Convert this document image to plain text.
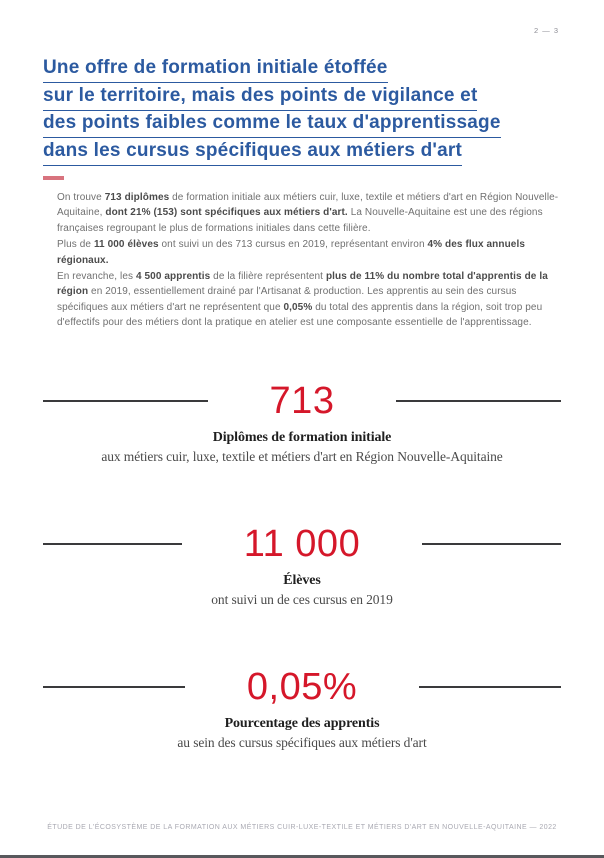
2 — 3
Une offre de formation initiale étoffée
sur le territoire, mais des points de vigilance et
des points faibles comme le taux d'apprentissage
dans les cursus spécifiques aux métiers d'art

On trouve 713 diplômes de formation initiale aux métiers cuir, luxe, textile et métiers d'art en Région Nouvelle-Aquitaine, dont 21% (153) sont spécifiques aux métiers d'art. La Nouvelle-Aquitaine est une des régions françaises regroupant le plus de formations initiales dans cette filière.

Plus de 11 000 élèves ont suivi un des 713 cursus en 2019, représentant environ 4% des flux annuels régionaux.

En revanche, les 4 500 apprentis de la filière représentent plus de 11% du nombre total d'apprentis de la région en 2019, essentiellement drainé par l'Artisanat & production. Les apprentis au sein des cursus spécifiques aux métiers d'art ne représentent que 0,05% du total des apprentis dans la région, soit trop peu d'effectifs pour des métiers dont la pratique en atelier est une composante essentielle de l'apprentissage.

713
Diplômes de formation initiale
aux métiers cuir, luxe, textile et métiers d'art en Région Nouvelle-Aquitaine
11 000
Élèves
ont suivi un de ces cursus en 2019
0,05%
Pourcentage des apprentis
au sein des cursus spécifiques aux métiers d'art
ÉTUDE DE L'ÉCOSYSTÈME DE LA FORMATION AUX MÉTIERS CUIR-LUXE-TEXTILE ET MÉTIERS D'ART EN NOUVELLE-AQUITAINE — 2022
